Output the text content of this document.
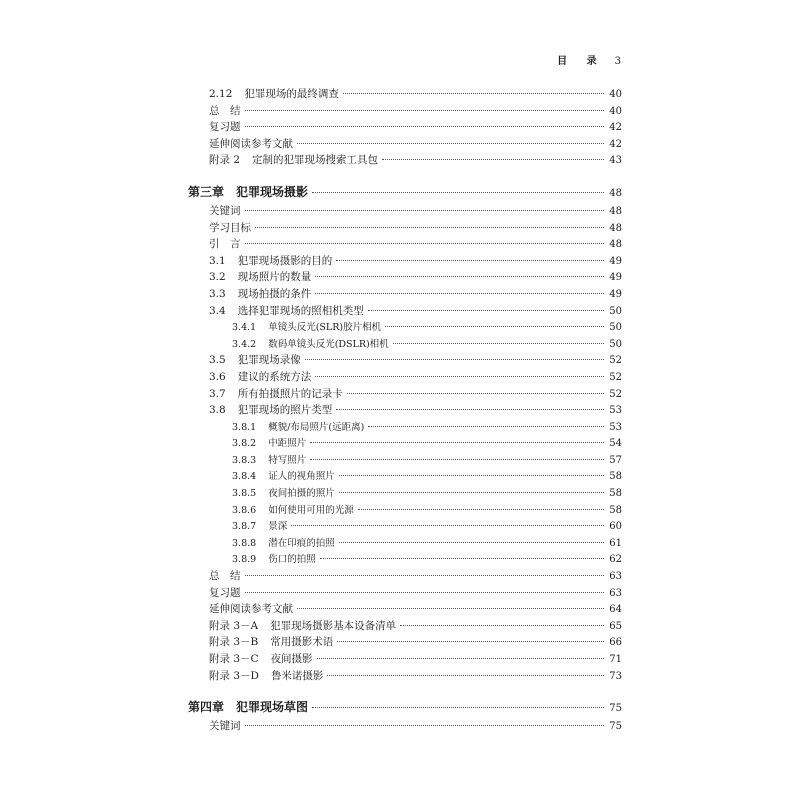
目 录 3
2.12 犯罪现场的最终调查	40
总　结	40
复习题	42
延伸阅读参考文献	42
附录 2 定制的犯罪现场搜索工具包	43
第三章 犯罪现场摄影	48
关键词	48
学习目标	48
引　言	48
3.1 犯罪现场摄影的目的	49
3.2 现场照片的数量	49
3.3 现场拍摄的条件	49
3.4 选择犯罪现场的照相机类型	50
3.4.1 单镜头反光(SLR)胶片相机	50
3.4.2 数码单镜头反光(DSLR)相机	50
3.5 犯罪现场录像	52
3.6 建议的系统方法	52
3.7 所有拍摄照片的记录卡	52
3.8 犯罪现场的照片类型	53
3.8.1 概貌/布局照片(远距离)	53
3.8.2 中距照片	54
3.8.3 特写照片	57
3.8.4 证人的视角照片	58
3.8.5 夜间拍摄的照片	58
3.8.6 如何使用可用的光源	58
3.8.7 景深	60
3.8.8 潜在印痕的拍照	61
3.8.9 伤口的拍照	62
总　结	63
复习题	63
延伸阅读参考文献	64
附录 3－A 犯罪现场摄影基本设备清单	65
附录 3－B 常用摄影术语	66
附录 3－C 夜间摄影	71
附录 3－D 鲁米诺摄影	73
第四章 犯罪现场草图	75
关键词	75
